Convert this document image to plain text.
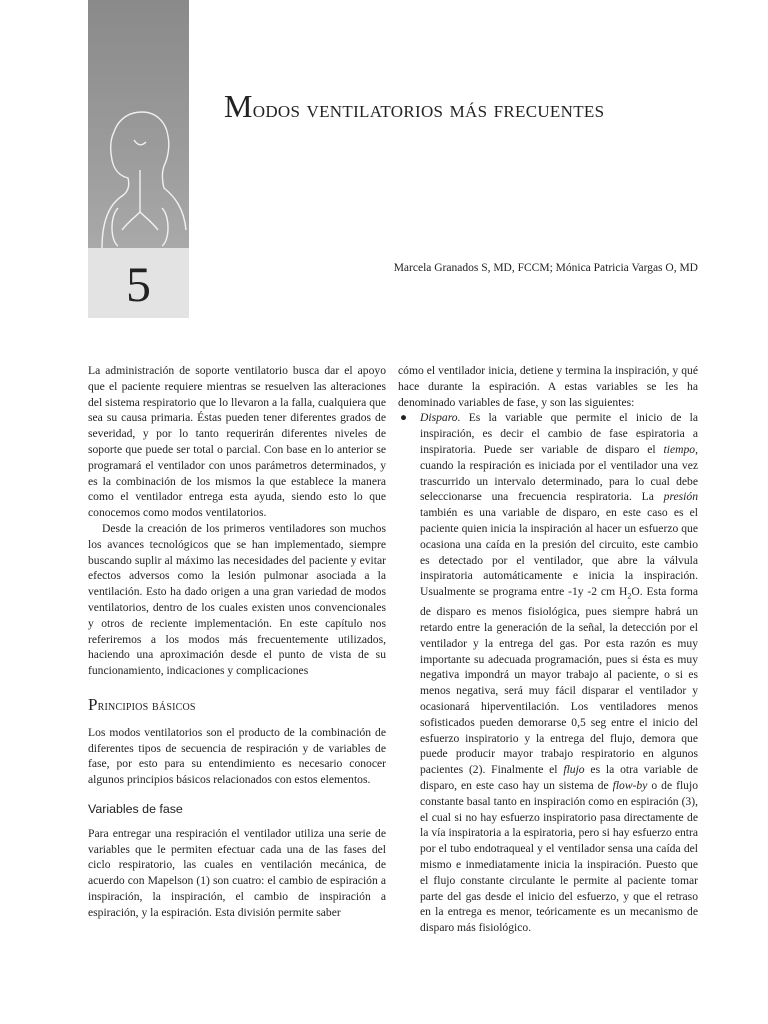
5
Modos ventilatorios más frecuentes
Marcela Granados S, MD, FCCM; Mónica Patricia Vargas O, MD

La administración de soporte ventilatorio busca dar el apoyo que el paciente requiere mientras se resuelven las alteraciones del sistema respiratorio que lo llevaron a la falla, cualquiera que sea su causa primaria. Éstas pueden tener diferentes grados de severidad, y por lo tanto requerirán diferentes niveles de soporte que puede ser total o parcial. Con base en lo anterior se programará el ventilador con unos parámetros determinados, y es la combinación de los mismos la que establece la manera como el ventilador entrega esta ayuda, siendo esto lo que conocemos como modos ventilatorios.

Desde la creación de los primeros ventiladores son muchos los avances tecnológicos que se han implementado, siempre buscando suplir al máximo las necesidades del paciente y evitar efectos adversos como la lesión pulmonar asociada a la ventilación. Esto ha dado origen a una gran variedad de modos ventilatorios, dentro de los cuales existen unos convencionales y otros de reciente implementación. En este capítulo nos referiremos a los modos más frecuentemente utilizados, haciendo una aproximación desde el punto de vista de su funcionamiento, indicaciones y complicaciones

Principios básicos

Los modos ventilatorios son el producto de la combinación de diferentes tipos de secuencia de respiración y de variables de fase, por esto para su entendimiento es necesario conocer algunos principios básicos relacionados con estos elementos.

Variables de fase

Para entregar una respiración el ventilador utiliza una serie de variables que le permiten efectuar cada una de las fases del ciclo respiratorio, las cuales en ventilación mecánica, de acuerdo con Mapelson (1) son cuatro: el cambio de espiración a inspiración, la inspiración, el cambio de inspiración a espiración, y la espiración. Esta división permite saber

cómo el ventilador inicia, detiene y termina la inspiración, y qué hace durante la espiración. A estas variables se les ha denominado variables de fase, y son las siguientes:

● Disparo. Es la variable que permite el inicio de la inspiración, es decir el cambio de fase espiratoria a inspiratoria. Puede ser variable de disparo el tiempo, cuando la respiración es iniciada por el ventilador una vez trascurrido un intervalo determinado, para lo cual debe seleccionarse una frecuencia respiratoria. La presión también es una variable de disparo, en este caso es el paciente quien inicia la inspiración al hacer un esfuerzo que ocasiona una caída en la presión del circuito, este cambio es detectado por el ventilador, que abre la válvula inspiratoria automáticamente e inicia la inspiración. Usualmente se programa entre -1y -2 cm $H_2O$. Esta forma de disparo es menos fisiológica, pues siempre habrá un retardo entre la generación de la señal, la detección por el ventilador y la entrega del gas. Por esta razón es muy importante su adecuada programación, pues si ésta es muy negativa impondrá un mayor trabajo al paciente, o si es menos negativa, será muy fácil disparar el ventilador y ocasionará hiperventilación. Los ventiladores menos sofisticados pueden demorarse 0,5 seg entre el inicio del esfuerzo inspiratorio y la entrega del flujo, demora que puede producir mayor trabajo respiratorio en algunos pacientes (2). Finalmente el flujo es la otra variable de disparo, en este caso hay un sistema de flow-by o de flujo constante basal tanto en inspiración como en espiración (3), el cual si no hay esfuerzo inspiratorio pasa directamente de la vía inspiratoria a la espiratoria, pero si hay esfuerzo entra por el tubo endotraqueal y el ventilador sensa una caída del mismo e inmediatamente inicia la inspiración. Puesto que el flujo constante circulante le permite al paciente tomar parte del gas desde el inicio del esfuerzo, y que el retraso en la entrega es menor, teóricamente es un mecanismo de disparo más fisiológico.
